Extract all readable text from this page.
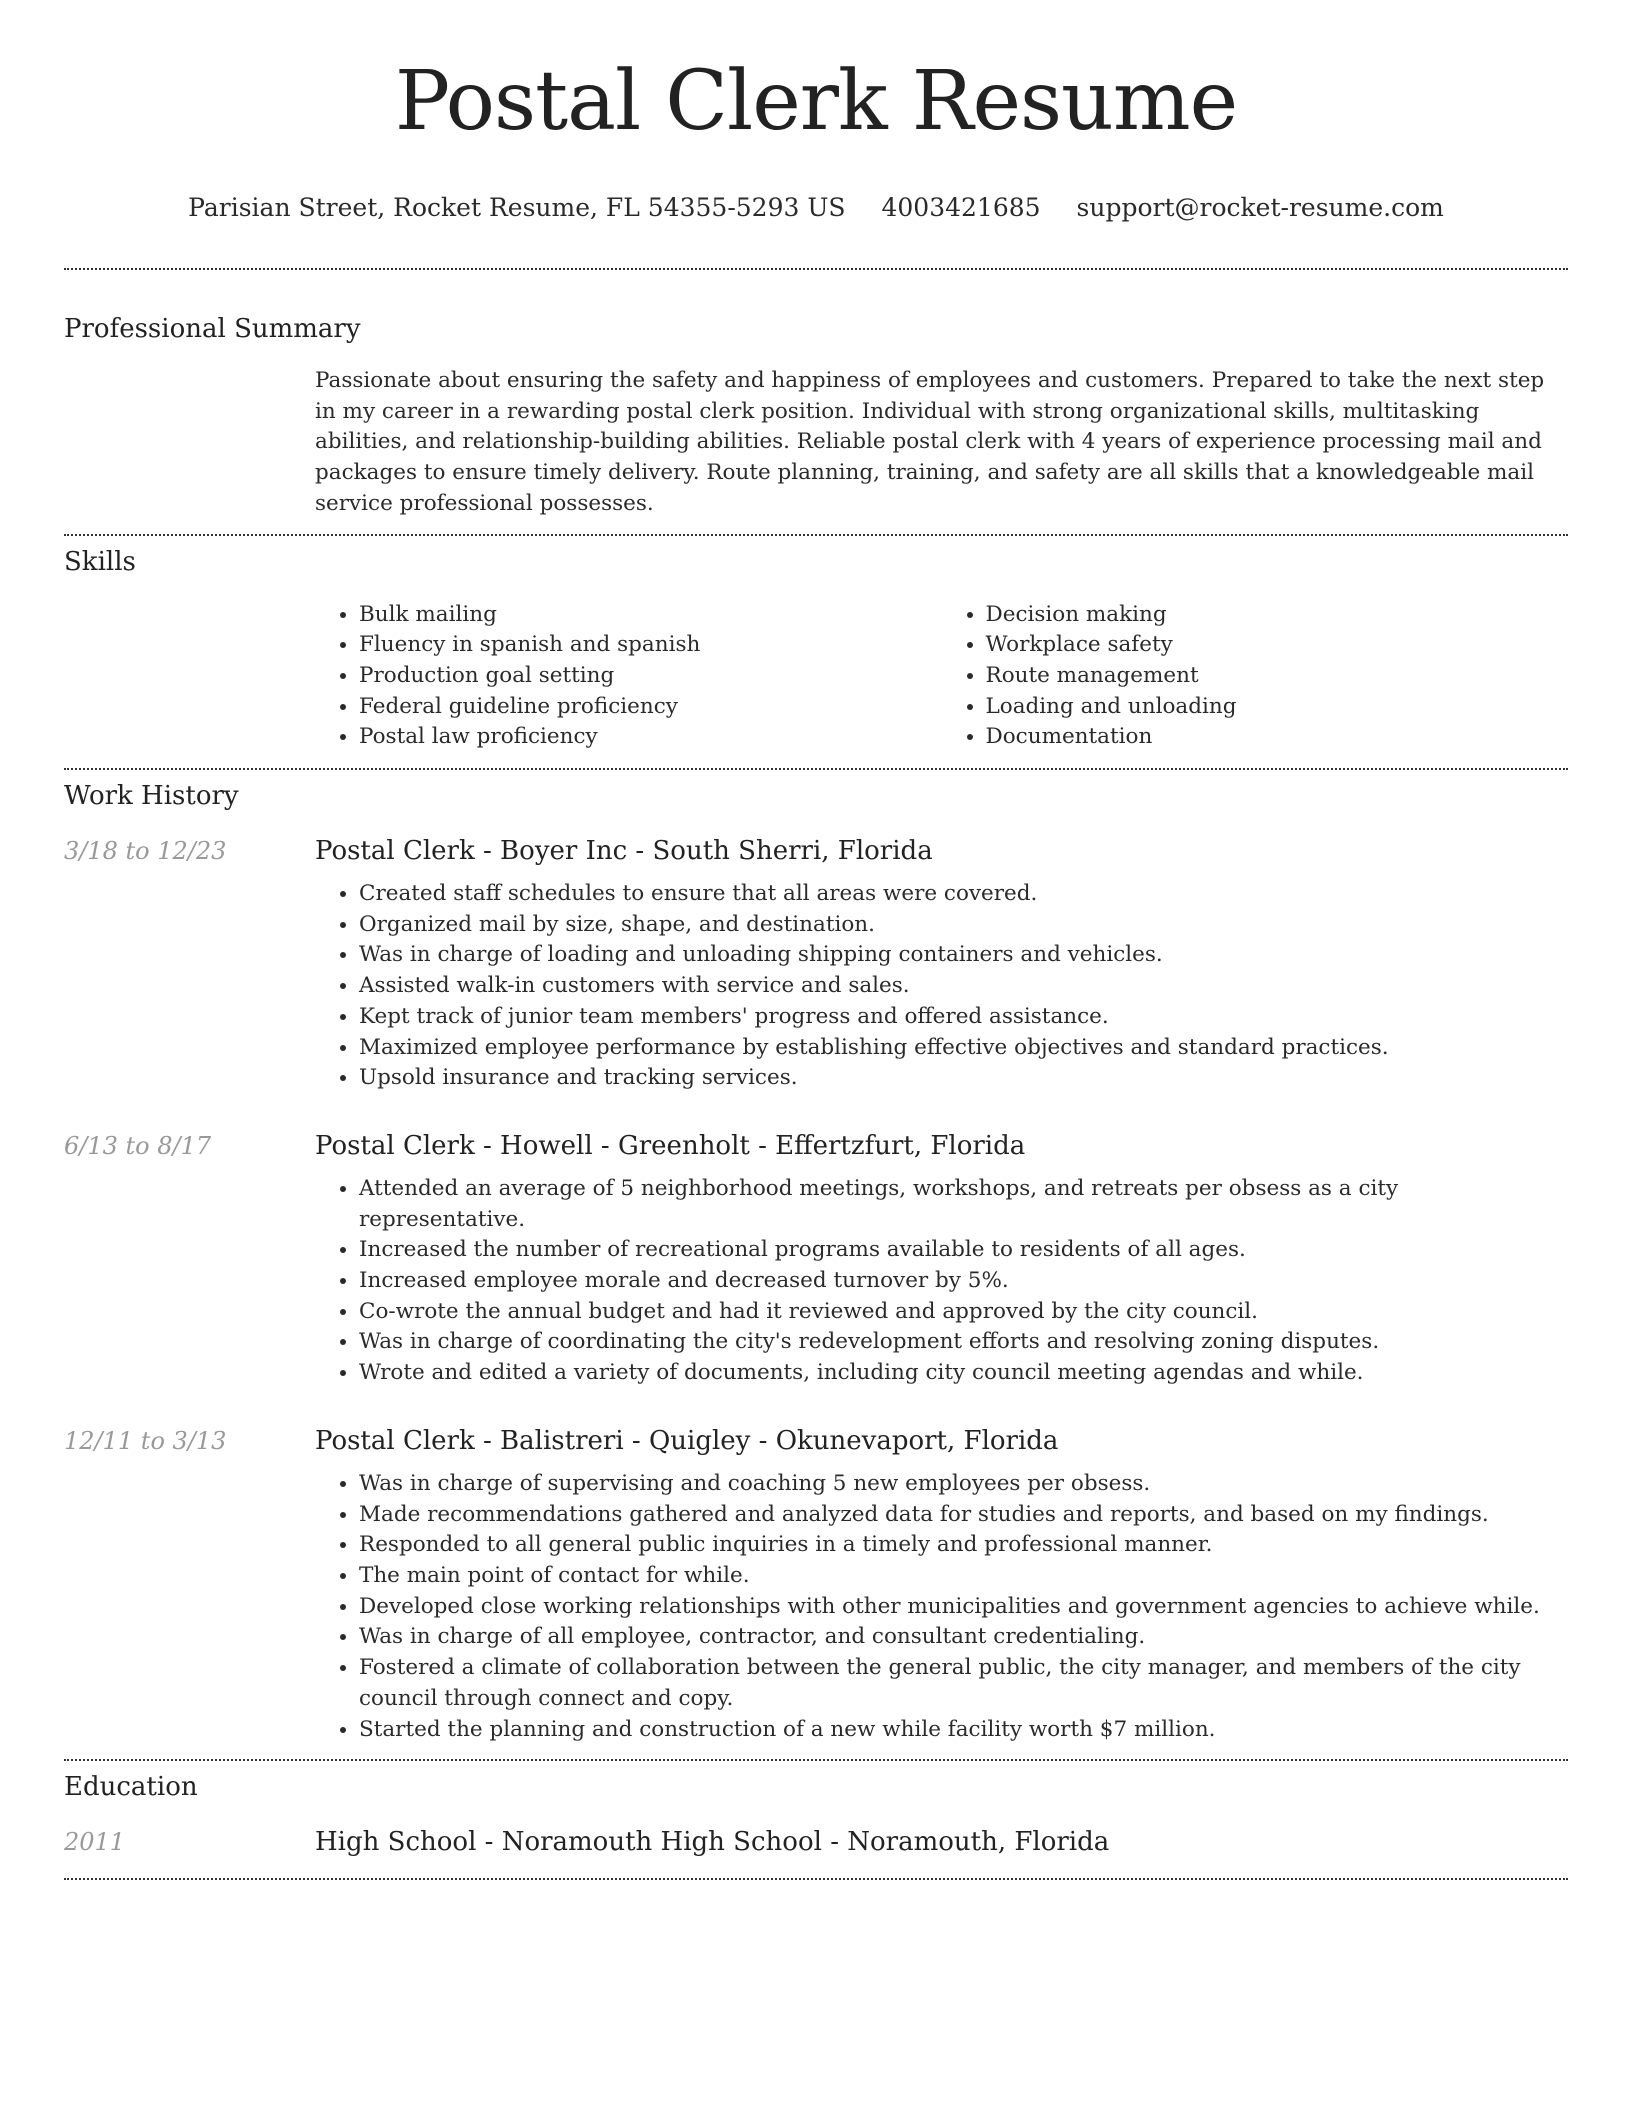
Postal Clerk Resume
Parisian Street, Rocket Resume, FL 54355-5293 US 4003421685 support@rocket-resume.com
Professional Summary
Passionate about ensuring the safety and happiness of employees and customers. Prepared to take the next step in my career in a rewarding postal clerk position. Individual with strong organizational skills, multitasking abilities, and relationship-building abilities. Reliable postal clerk with 4 years of experience processing mail and packages to ensure timely delivery. Route planning, training, and safety are all skills that a knowledgeable mail service professional possesses.
Skills
• Bulk mailing
• Fluency in spanish and spanish
• Production goal setting
• Federal guideline proficiency
• Postal law proficiency
• Decision making
• Workplace safety
• Route management
• Loading and unloading
• Documentation
Work History
3/18 to 12/23	Postal Clerk - Boyer Inc - South Sherri, Florida
• Created staff schedules to ensure that all areas were covered.
• Organized mail by size, shape, and destination.
• Was in charge of loading and unloading shipping containers and vehicles.
• Assisted walk-in customers with service and sales.
• Kept track of junior team members' progress and offered assistance.
• Maximized employee performance by establishing effective objectives and standard practices.
• Upsold insurance and tracking services.
6/13 to 8/17	Postal Clerk - Howell - Greenholt - Effertzfurt, Florida
• Attended an average of 5 neighborhood meetings, workshops, and retreats per obsess as a city representative.
• Increased the number of recreational programs available to residents of all ages.
• Increased employee morale and decreased turnover by 5%.
• Co-wrote the annual budget and had it reviewed and approved by the city council.
• Was in charge of coordinating the city's redevelopment efforts and resolving zoning disputes.
• Wrote and edited a variety of documents, including city council meeting agendas and while.
12/11 to 3/13	Postal Clerk - Balistreri - Quigley - Okunevaport, Florida
• Was in charge of supervising and coaching 5 new employees per obsess.
• Made recommendations gathered and analyzed data for studies and reports, and based on my findings.
• Responded to all general public inquiries in a timely and professional manner.
• The main point of contact for while.
• Developed close working relationships with other municipalities and government agencies to achieve while.
• Was in charge of all employee, contractor, and consultant credentialing.
• Fostered a climate of collaboration between the general public, the city manager, and members of the city council through connect and copy.
• Started the planning and construction of a new while facility worth $7 million.
Education
2011	High School - Noramouth High School - Noramouth, Florida
